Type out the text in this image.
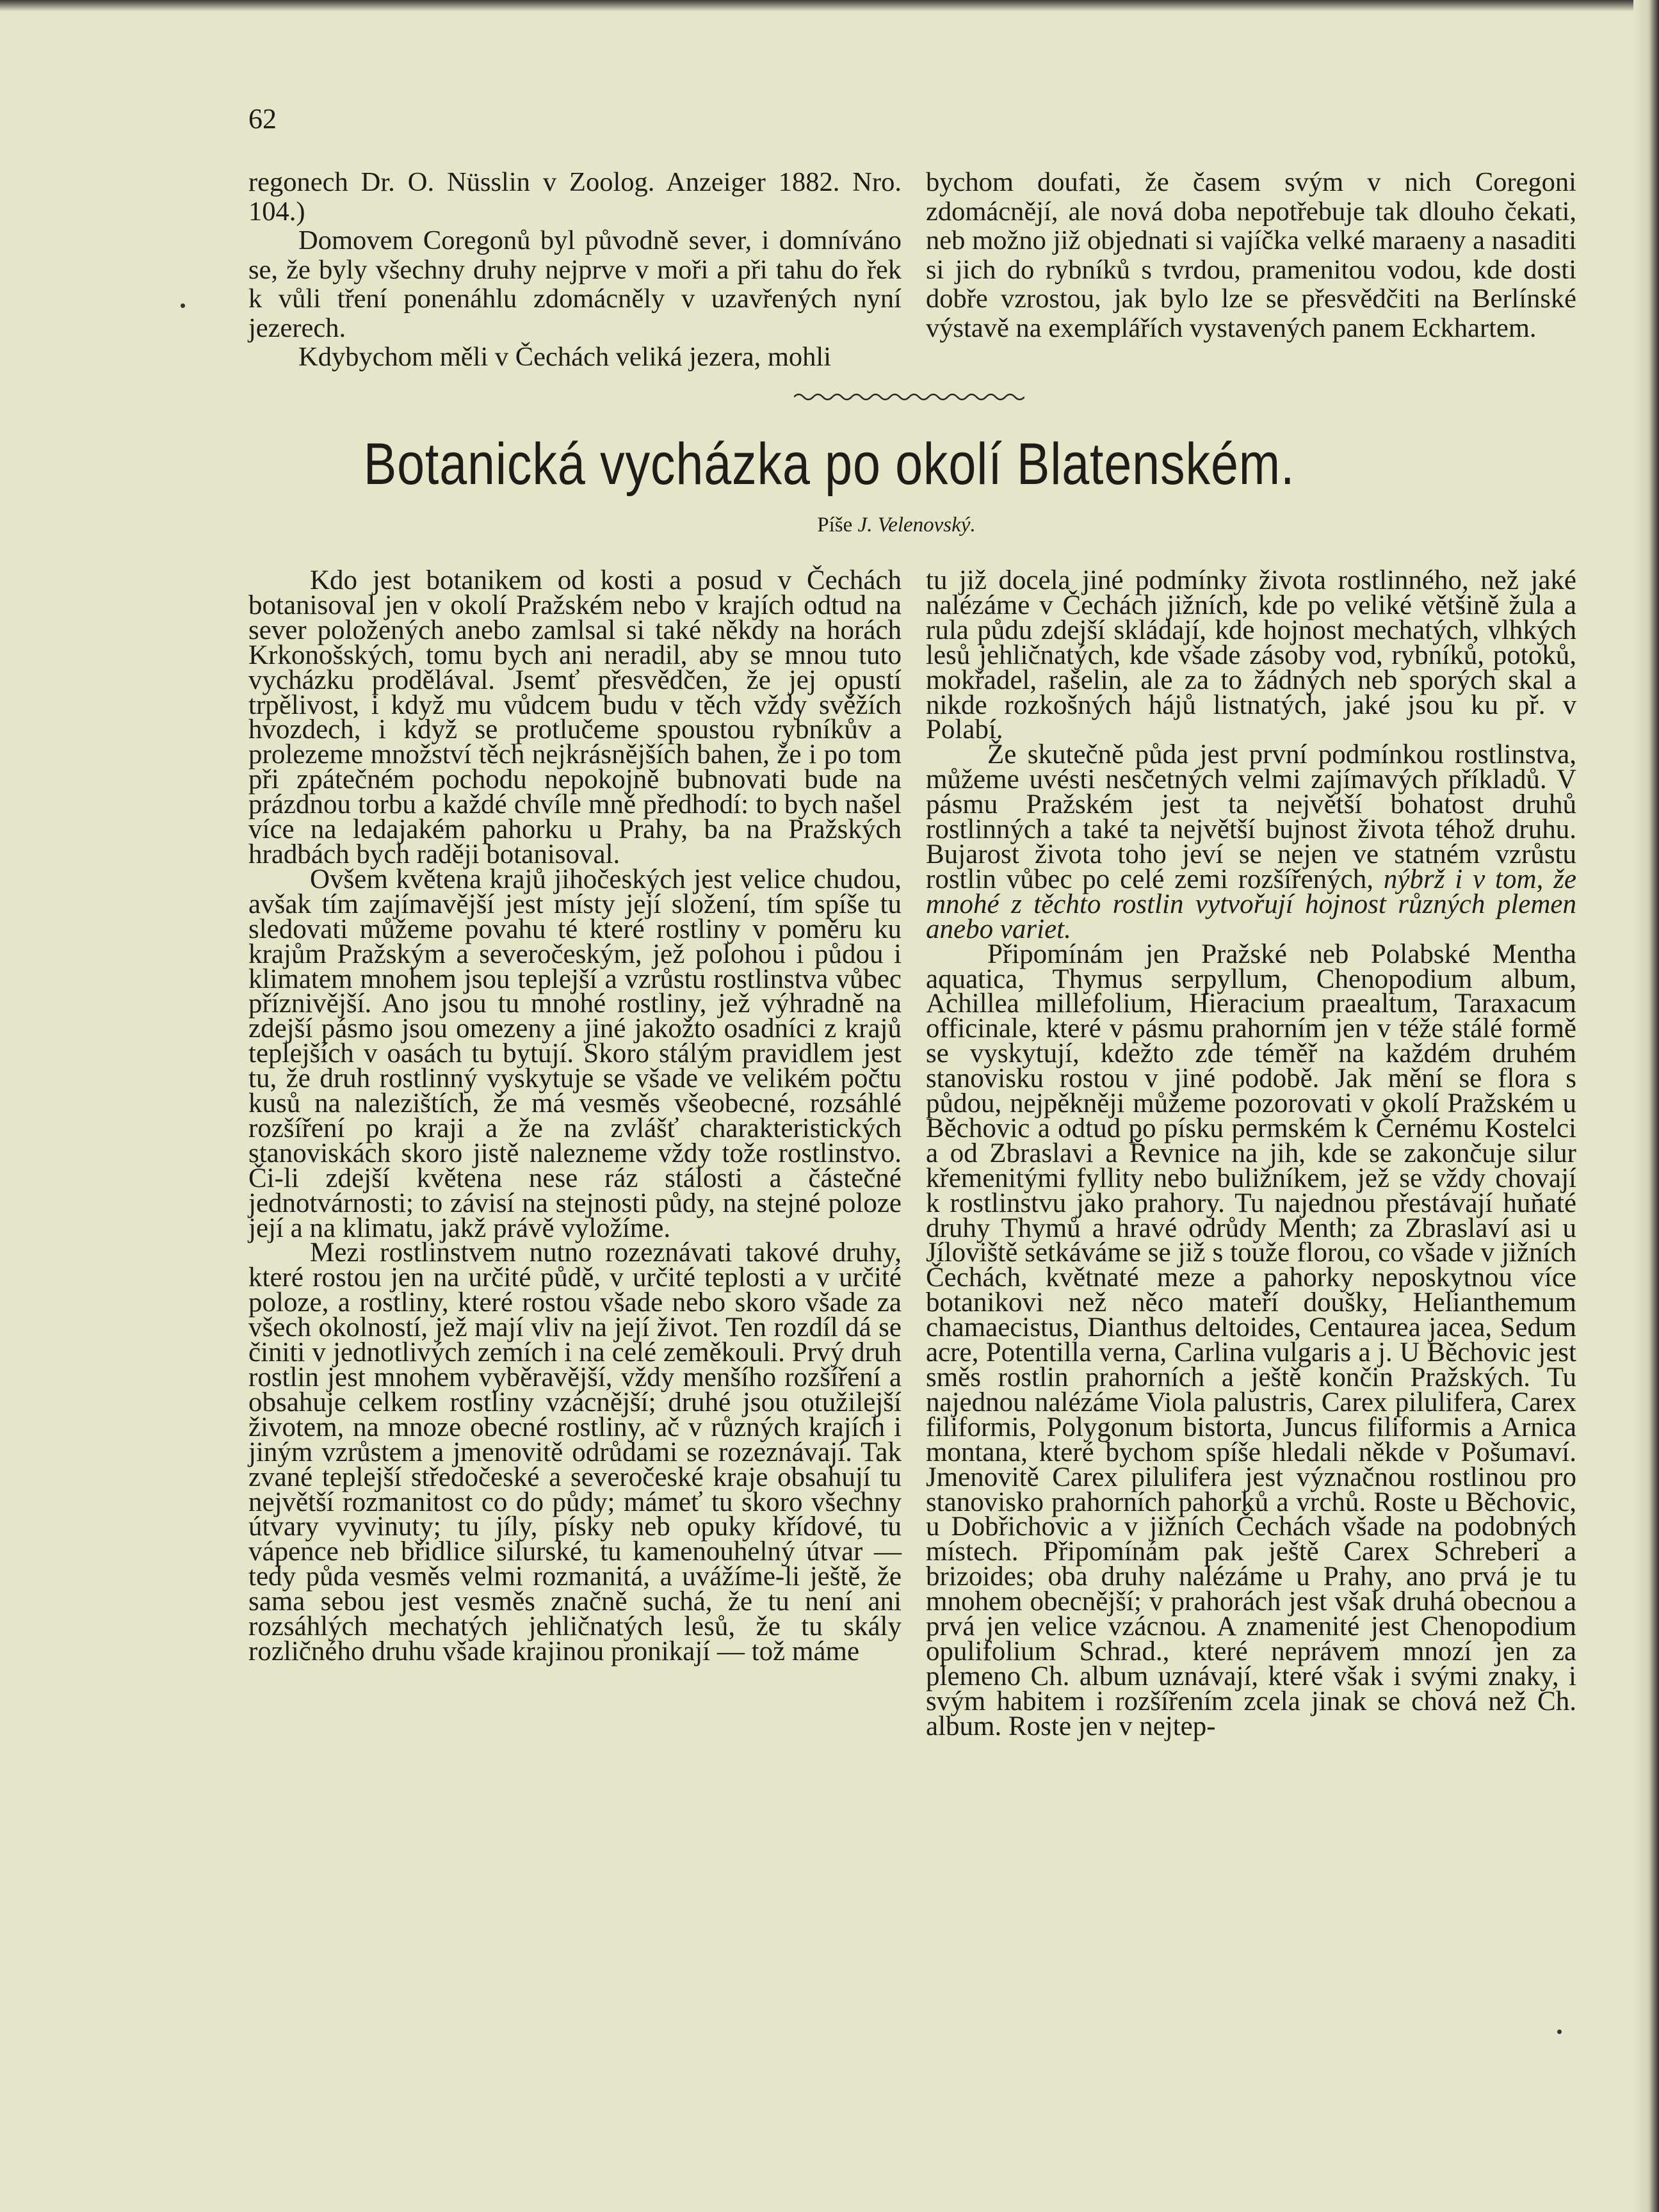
62

regonech Dr. O. Nüsslin v Zoolog. Anzeiger 1882. Nro. 104.)

Domovem Coregonů byl původně sever, i domníváno se, že byly všechny druhy nejprve v moři a při tahu do řek k vůli tření ponenáhlu zdomácněly v uzavřených nyní jezerech.

Kdybychom měli v Čechách veliká jezera, mohli

bychom doufati, že časem svým v nich Coregoni zdomácnějí, ale nová doba nepotřebuje tak dlouho čekati, neb možno již objednati si vajíčka velké maraeny a nasaditi si jich do rybníků s tvrdou, pramenitou vodou, kde dosti dobře vzrostou, jak bylo lze se přesvědčiti na Berlínské výstavě na exemplářích vystavených panem Eckhartem.

Botanická vycházka po okolí Blatenském.
Píše J. Velenovský.

Kdo jest botanikem od kosti a posud v Čechách botanisoval jen v okolí Pražském nebo v krajích odtud na sever položených anebo zamlsal si také někdy na horách Krkonošských, tomu bych ani neradil, aby se mnou tuto vycházku prodělával. Jsemť přesvědčen, že jej opustí trpělivost, i když mu vůdcem budu v těch vždy svěžích hvozdech, i když se protlučeme spoustou rybníkův a prolezeme množství těch nejkrásnějších bahen, že i po tom při zpátečném pochodu nepokojně bubnovati bude na prázdnou torbu a každé chvíle mně předhodí: to bych našel více na ledajakém pahorku u Prahy, ba na Pražských hradbách bych raději botanisoval.

Ovšem květena krajů jihočeských jest velice chudou, avšak tím zajímavější jest místy její složení, tím spíše tu sledovati můžeme povahu té které rostliny v poměru ku krajům Pražským a severočeským, jež polohou i půdou i klimatem mnohem jsou teplejší a vzrůstu rostlinstva vůbec příznivější. Ano jsou tu mnohé rostliny, jež výhradně na zdejší pásmo jsou omezeny a jiné jakožto osadníci z krajů teplejších v oasách tu bytují. Skoro stálým pravidlem jest tu, že druh rostlinný vyskytuje se všade ve velikém počtu kusů na nalezištích, že má vesměs všeobecné, rozsáhlé rozšíření po kraji a že na zvlášť charakteristických stanoviskách skoro jistě nalezneme vždy tože rostlinstvo. Či-li zdejší květena nese ráz stálosti a částečné jednotvárnosti; to závisí na stejnosti půdy, na stejné poloze její a na klimatu, jakž právě vyložíme.

Mezi rostlinstvem nutno rozeznávati takové druhy, které rostou jen na určité půdě, v určité teplosti a v určité poloze, a rostliny, které rostou všade nebo skoro všade za všech okolností, jež mají vliv na její život. Ten rozdíl dá se činiti v jednotlivých zemích i na celé zeměkouli. Prvý druh rostlin jest mnohem vyběravější, vždy menšího rozšíření a obsahuje celkem rostliny vzácnější; druhé jsou otužilejší životem, na mnoze obecné rostliny, ač v různých krajích i jiným vzrůstem a jmenovitě odrůdami se rozeznávají. Tak zvané teplejší středočeské a severočeské kraje obsahují tu největší rozmanitost co do půdy; mámeť tu skoro všechny útvary vyvinuty; tu jíly, písky neb opuky křídové, tu vápence neb břidlice silurské, tu kamenouhelný útvar — tedy půda vesměs velmi rozmanitá, a uvážíme-li ještě, že sama sebou jest vesměs značně suchá, že tu není ani rozsáhlých mechatých jehličnatých lesů, že tu skály rozličného druhu všade krajinou pronikají — tož máme

tu již docela jiné podmínky života rostlinného, než jaké nalézáme v Čechách jižních, kde po veliké většině žula a rula půdu zdejší skládají, kde hojnost mechatých, vlhkých lesů jehličnatých, kde všade zásoby vod, rybníků, potoků, mokřadel, rašelin, ale za to žádných neb sporých skal a nikde rozkošných hájů listnatých, jaké jsou ku př. v Polabí.

Že skutečně půda jest první podmínkou rostlinstva, můžeme uvésti nesčetných velmi zajímavých příkladů. V pásmu Pražském jest ta největší bohatost druhů rostlinných a také ta největší bujnost života téhož druhu. Bujarost života toho jeví se nejen ve statném vzrůstu rostlin vůbec po celé zemi rozšířených, nýbrž i v tom, že mnohé z těchto rostlin vytvořují hojnost různých plemen anebo variet.

Připomínám jen Pražské neb Polabské Mentha aquatica, Thymus serpyllum, Chenopodium album, Achillea millefolium, Hieracium praealtum, Taraxacum officinale, které v pásmu prahorním jen v téže stálé formě se vyskytují, kdežto zde téměř na každém druhém stanovisku rostou v jiné podobě. Jak mění se flora s půdou, nejpěkněji můžeme pozorovati v okolí Pražském u Běchovic a odtud po písku permském k Černému Kostelci a od Zbraslavi a Řevnice na jih, kde se zakončuje silur křemenitými fyllity nebo buližníkem, jež se vždy chovají k rostlinstvu jako prahory. Tu najednou přestávají huňaté druhy Thymů a hravé odrůdy Menth; za Zbraslaví asi u Jíloviště setkáváme se již s touže florou, co všade v jižních Čechách, květnaté meze a pahorky neposkytnou více botanikovi než něco mateří doušky, Helianthemum chamaecistus, Dianthus deltoides, Centaurea jacea, Sedum acre, Potentilla verna, Carlina vulgaris a j. U Běchovic jest směs rostlin prahorních a ještě končin Pražských. Tu najednou nalézáme Viola palustris, Carex pilulifera, Carex filiformis, Polygonum bistorta, Juncus filiformis a Arnica montana, které bychom spíše hledali někde v Pošumaví. Jmenovitě Carex pilulifera jest význačnou rostlinou pro stanovisko prahorních pahorků a vrchů. Roste u Běchovic, u Dobřichovic a v jižních Čechách všade na podobných místech. Připomínám pak ještě Carex Schreberi a brizoides; oba druhy nalézáme u Prahy, ano prvá je tu mnohem obecnější; v prahorách jest však druhá obecnou a prvá jen velice vzácnou. A znamenité jest Chenopodium opulifolium Schrad., které neprávem mnozí jen za plemeno Ch. album uznávají, které však i svými znaky, i svým habitem i rozšířením zcela jinak se chová než Ch. album. Roste jen v nejtep-
